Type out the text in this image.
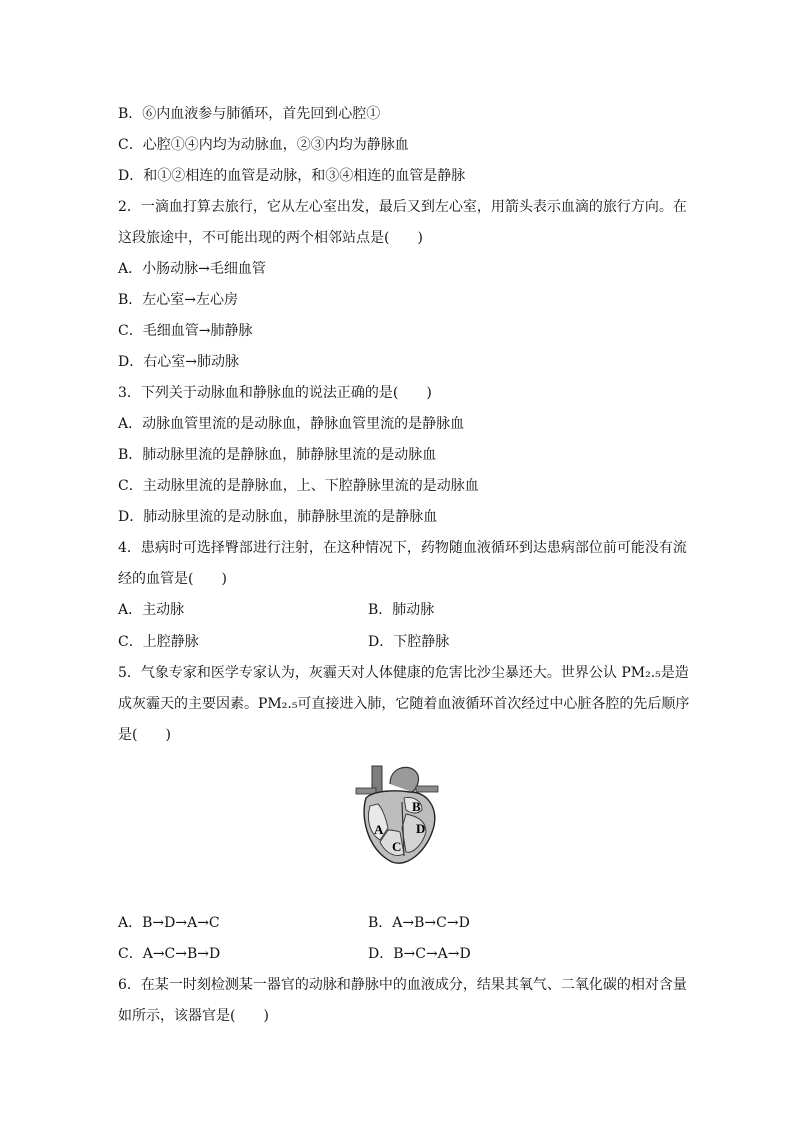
B．⑥内血液参与肺循环，首先回到心腔①
C．心腔①④内均为动脉血，②③内均为静脉血
D．和①②相连的血管是动脉，和③④相连的血管是静脉
2．一滴血打算去旅行，它从左心室出发，最后又到左心室，用箭头表示血滴的旅行方向。在
这段旅途中，不可能出现的两个相邻站点是(　　)
A．小肠动脉→毛细血管
B．左心室→左心房
C．毛细血管→肺静脉
D．右心室→肺动脉
3．下列关于动脉血和静脉血的说法正确的是(　　)
A．动脉血管里流的是动脉血，静脉血管里流的是静脉血
B．肺动脉里流的是静脉血，肺静脉里流的是动脉血
C．主动脉里流的是静脉血，上、下腔静脉里流的是动脉血
D．肺动脉里流的是动脉血，肺静脉里流的是静脉血
4．患病时可选择臀部进行注射，在这种情况下，药物随血液循环到达患病部位前可能没有流
经的血管是(　　)
A．主动脉	B．肺动脉
C．上腔静脉	D．下腔静脉
5．气象专家和医学专家认为，灰霾天对人体健康的危害比沙尘暴还大。世界公认 PM₂.₅是造
成灰霾天的主要因素。PM₂.₅可直接进入肺，它随着血液循环首次经过中心脏各腔的先后顺序
是(　　)
B
A	D
C
A．B→D→A→C	B．A→B→C→D
C．A→C→B→D	D．B→C→A→D
6．在某一时刻检测某一器官的动脉和静脉中的血液成分，结果其氧气、二氧化碳的相对含量
如所示，该器官是(　　)
